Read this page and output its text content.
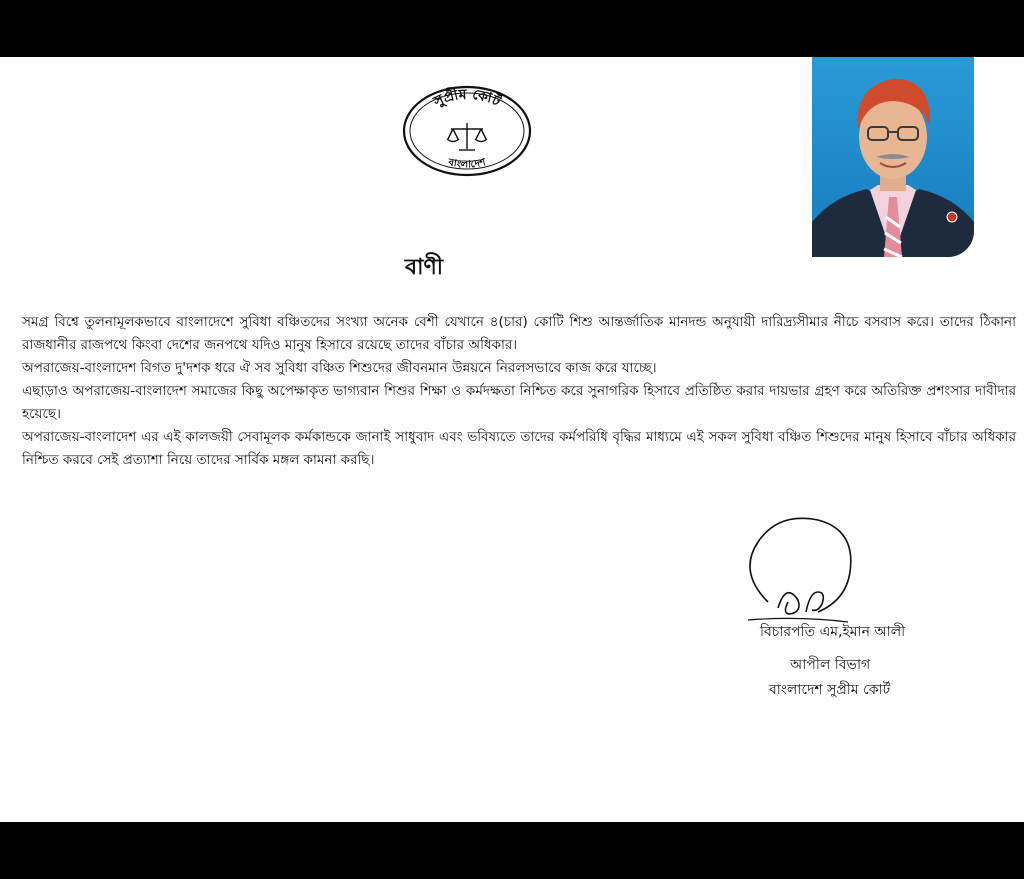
সুপ্রীম কোর্ট
বাংলাদেশ
বাণী

সমগ্র বিশ্বে তুলনামূলকভাবে বাংলাদেশে সুবিধা বঞ্চিতদের সংখ্যা অনেক বেশী যেখানে ৪(চার) কোটি শিশু আন্তর্জাতিক মানদন্ড অনুযায়ী দারিদ্র্যসীমার নীচে বসবাস করে। তাদের ঠিকানা রাজধানীর রাজপথে কিংবা দেশের জনপথে যদিও মানুষ হিসাবে রয়েছে তাদের বাঁচার অধিকার।

অপরাজেয়-বাংলাদেশ বিগত দু'দশক ধরে ঐ সব সুবিধা বঞ্চিত শিশুদের জীবনমান উন্নয়নে নিরলসভাবে কাজ করে যাচ্ছে।

এছাড়াও অপরাজেয়-বাংলাদেশ সমাজের কিছু অপেক্ষাকৃত ভাগ্যবান শিশুর শিক্ষা ও কর্মদক্ষতা নিশ্চিত করে সুনাগরিক হিসাবে প্রতিষ্ঠিত করার দায়ভার গ্রহণ করে অতিরিক্ত প্রশংসার দাবীদার হয়েছে।

অপরাজেয়-বাংলাদেশ এর এই কালজয়ী সেবামূলক কর্মকান্ডকে জানাই সাধুবাদ এবং ভবিষ্যতে তাদের কর্মপরিধি বৃদ্ধির মাধ্যমে এই সকল সুবিধা বঞ্চিত শিশুদের মানুষ হিসাবে বাঁচার অধিকার নিশ্চিত করবে সেই প্রত্যাশা নিয়ে তাদের সার্বিক মঙ্গল কামনা করছি।

বিচারপতি এম,ইমান আলী
আপীল বিভাগ
বাংলাদেশ সুপ্রীম কোর্ট
